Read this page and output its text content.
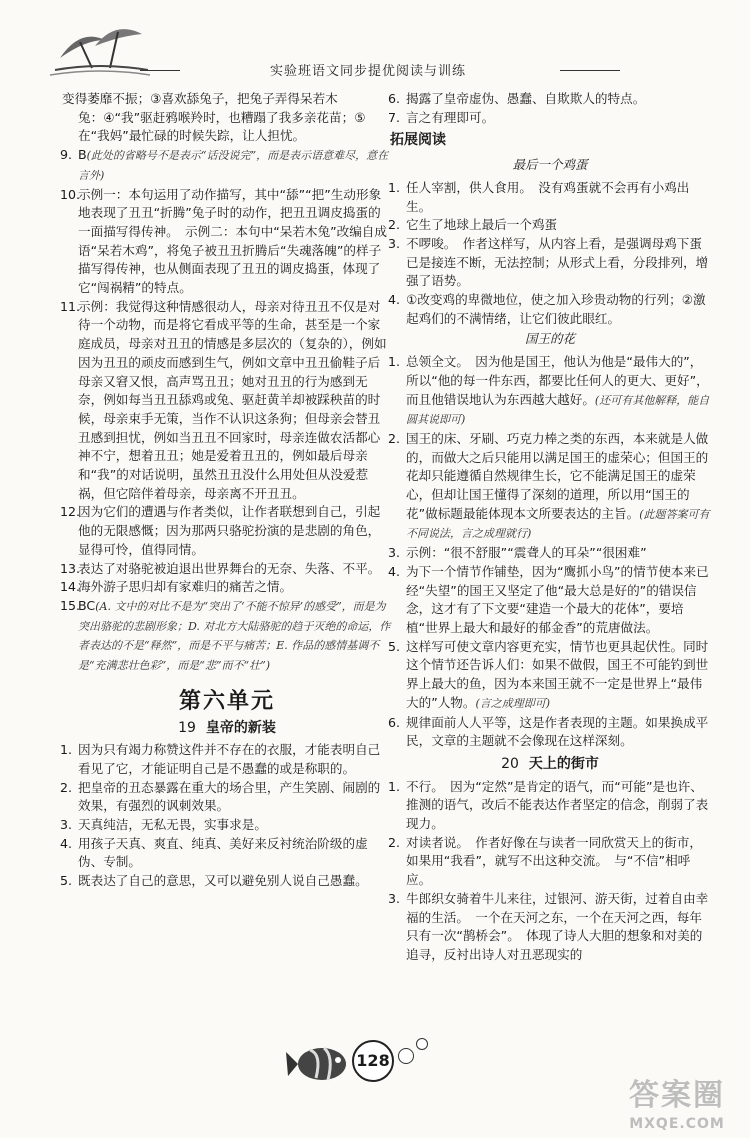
实验班语文同步提优阅读与训练
变得萎靡不振；③喜欢舔兔子，把兔子弄得呆若木
兔：④“我”驱赶鸦喉羚时，也糟蹋了我多亲花苗；⑤
在“我妈”最忙碌的时候失踪，让人担忧。
9. B(此处的省略号不是表示“话没说完”，而是表示语意难尽，意在言外)
10.
示例一：本句运用了动作描写，其中“舔”“把”生动形象地表现了丑丑“折腾”兔子时的动作，把丑丑调皮捣蛋的一面描写得传神。　示例二：本句中“呆若木兔”改编自成语“呆若木鸡”，将兔子被丑丑折腾后“失魂落魄”的样子描写得传神，也从侧面表现了丑丑的调皮捣蛋，体现了它“闯祸精”的特点。
11.
示例：我觉得这种情感很动人，母亲对待丑丑不仅是对待一个动物，而是将它看成平等的生命，甚至是一个家庭成员，母亲对丑丑的情感是多层次的（复杂的），例如因为丑丑的顽皮而感到生气，例如文章中丑丑偷鞋子后母亲又窘又恨，高声骂丑丑；她对丑丑的行为感到无奈，例如每当丑丑舔鸡或兔、驱赶黄羊却被踩秧苗的时候，母亲束手无策，当作不认识这条狗；但母亲会替丑丑感到担忧，例如当丑丑不回家时，母亲连做农活都心神不宁，想着丑丑；她是爱着丑丑的，例如最后母亲和“我”的对话说明，虽然丑丑没什么用处但从没爱惹祸，但它陪伴着母亲，母亲离不开丑丑。
12.
因为它们的遭遇与作者类似，让作者联想到自己，引起他的无限感慨；因为那两只骆驼扮演的是悲剧的角色，显得可怜，值得同情。
13.
表达了对骆驼被迫退出世界舞台的无奈、失落、不平。
14.
海外游子思归却有家难归的痛苦之情。
15.
BC(A. 文中的对比不是为“突出了‘不能不惊异’的感受”，而是为突出骆驼的悲剧形象；D. 对北方大陆骆驼的趋于灭绝的命运，作者表达的不是“释然”，而是不平与痛苦；E. 作品的感情基调不是“充满悲壮色彩”，而是“悲”而不“壮”)
第六单元
19 皇帝的新装
1. 因为只有竭力称赞这件并不存在的衣服，才能表明自己看见了它，才能证明自己是不愚蠢的或是称职的。
2. 把皇帝的丑态暴露在重大的场合里，产生笑剧、闹剧的效果，有强烈的讽刺效果。
3. 天真纯洁，无私无畏，实事求是。
4. 用孩子天真、爽直、纯真、美好来反衬统治阶级的虚伪、专制。
5. 既表达了自己的意思，又可以避免别人说自己愚蠢。
6. 揭露了皇帝虚伪、愚蠢、自欺欺人的特点。
7. 言之有理即可。
拓展阅读
最后一个鸡蛋
1. 任人宰割，供人食用。　没有鸡蛋就不会再有小鸡出生。
2. 它生了地球上最后一个鸡蛋
3. 不啰唆。　作者这样写，从内容上看，是强调母鸡下蛋已是接连不断，无法控制；从形式上看，分段排列，增强了语势。
4. ①改变鸡的卑微地位，使之加入珍贵动物的行列；②激起鸡们的不满情绪，让它们彼此眼红。
国王的花
1. 总领全文。　因为他是国王，他认为他是“最伟大的”，所以“他的每一件东西，都要比任何人的更大、更好”，而且他错误地认为东西越大越好。(还可有其他解释，能自圆其说即可)
2. 国王的床、牙刷、巧克力棒之类的东西，本来就是人做的，而做大之后只能用以满足国王的虚荣心；但国王的花却只能遵循自然规律生长，它不能满足国王的虚荣心，但却让国王懂得了深刻的道理，所以用“国王的花”做标题最能体现本文所要表达的主旨。(此题答案可有不同说法，言之成理就行)
3. 示例：“很不舒服”“震聋人的耳朵”“很困难”
4. 为下一个情节作铺垫，因为“鹰抓小鸟”的情节使本来已经“失望”的国王又坚定了他“最大总是好的”的错误信念，这才有了下文要“建造一个最大的花体”，要培植“世界上最大和最好的郁金香”的荒唐做法。
5. 这样写可使文章内容更充实，情节也更具起伏性。同时这个情节还告诉人们：如果不做假，国王不可能钓到世界上最大的鱼，因为本来国王就不一定是世界上“最伟大的”人物。(言之成理即可)
6. 规律面前人人平等，这是作者表现的主题。如果换成平民，文章的主题就不会像现在这样深刻。
20 天上的街市
1. 不行。　因为“定然”是肯定的语气，而“可能”是也许、推测的语气，改后不能表达作者坚定的信念，削弱了表现力。
2. 对读者说。　作者好像在与读者一同欣赏天上的街市，如果用“我看”，就写不出这种交流。　与“不信”相呼应。
3. 牛郎织女骑着牛儿来往，过银河、游天街，过着自由幸福的生活。　一个在天河之东，一个在天河之西，每年只有一次“鹊桥会”。　体现了诗人大胆的想象和对美的追寻，反衬出诗人对丑恶现实的
128
答案圈
MXQE.COM
